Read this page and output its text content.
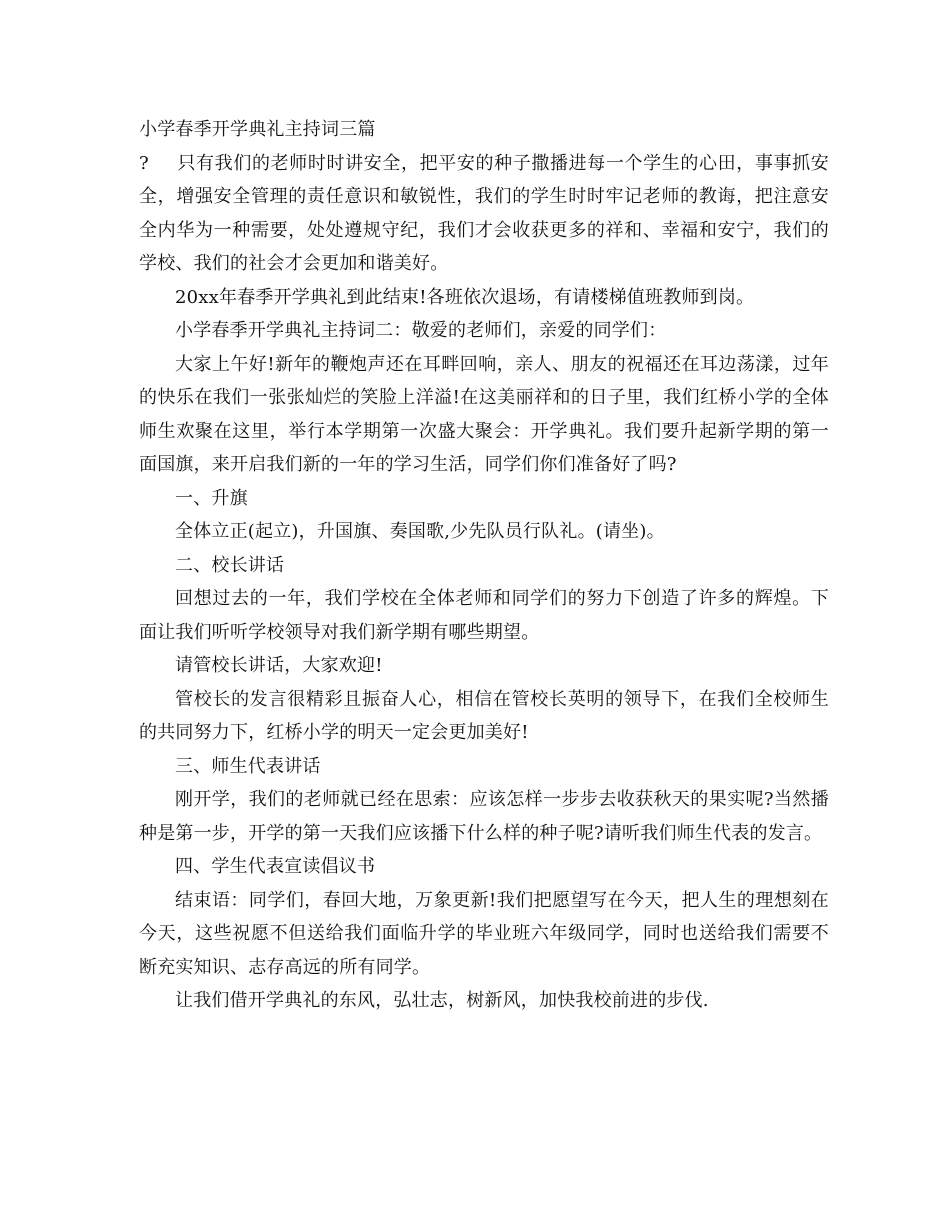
小学春季开学典礼主持词三篇

? 只有我们的老师时时讲安全，把平安的种子撒播进每一个学生的心田，事事抓安全，增强安全管理的责任意识和敏锐性，我们的学生时时牢记老师的教诲，把注意安全内华为一种需要，处处遵规守纪，我们才会收获更多的祥和、幸福和安宁，我们的学校、我们的社会才会更加和谐美好。

20xx年春季开学典礼到此结束!各班依次退场，有请楼梯值班教师到岗。

小学春季开学典礼主持词二：敬爱的老师们，亲爱的同学们：

大家上午好!新年的鞭炮声还在耳畔回响，亲人、朋友的祝福还在耳边荡漾，过年的快乐在我们一张张灿烂的笑脸上洋溢!在这美丽祥和的日子里，我们红桥小学的全体师生欢聚在这里，举行本学期第一次盛大聚会：开学典礼。我们要升起新学期的第一面国旗，来开启我们新的一年的学习生活，同学们你们准备好了吗?

一、升旗

全体立正(起立)，升国旗、奏国歌,少先队员行队礼。(请坐)。

二、校长讲话

回想过去的一年，我们学校在全体老师和同学们的努力下创造了许多的辉煌。下面让我们听听学校领导对我们新学期有哪些期望。

请管校长讲话，大家欢迎!

管校长的发言很精彩且振奋人心，相信在管校长英明的领导下，在我们全校师生的共同努力下，红桥小学的明天一定会更加美好!

三、师生代表讲话

刚开学，我们的老师就已经在思索：应该怎样一步步去收获秋天的果实呢?当然播种是第一步，开学的第一天我们应该播下什么样的种子呢?请听我们师生代表的发言。

四、学生代表宣读倡议书

结束语：同学们，春回大地，万象更新!我们把愿望写在今天，把人生的理想刻在今天，这些祝愿不但送给我们面临升学的毕业班六年级同学，同时也送给我们需要不断充实知识、志存高远的所有同学。

让我们借开学典礼的东风，弘壮志，树新风，加快我校前进的步伐.
